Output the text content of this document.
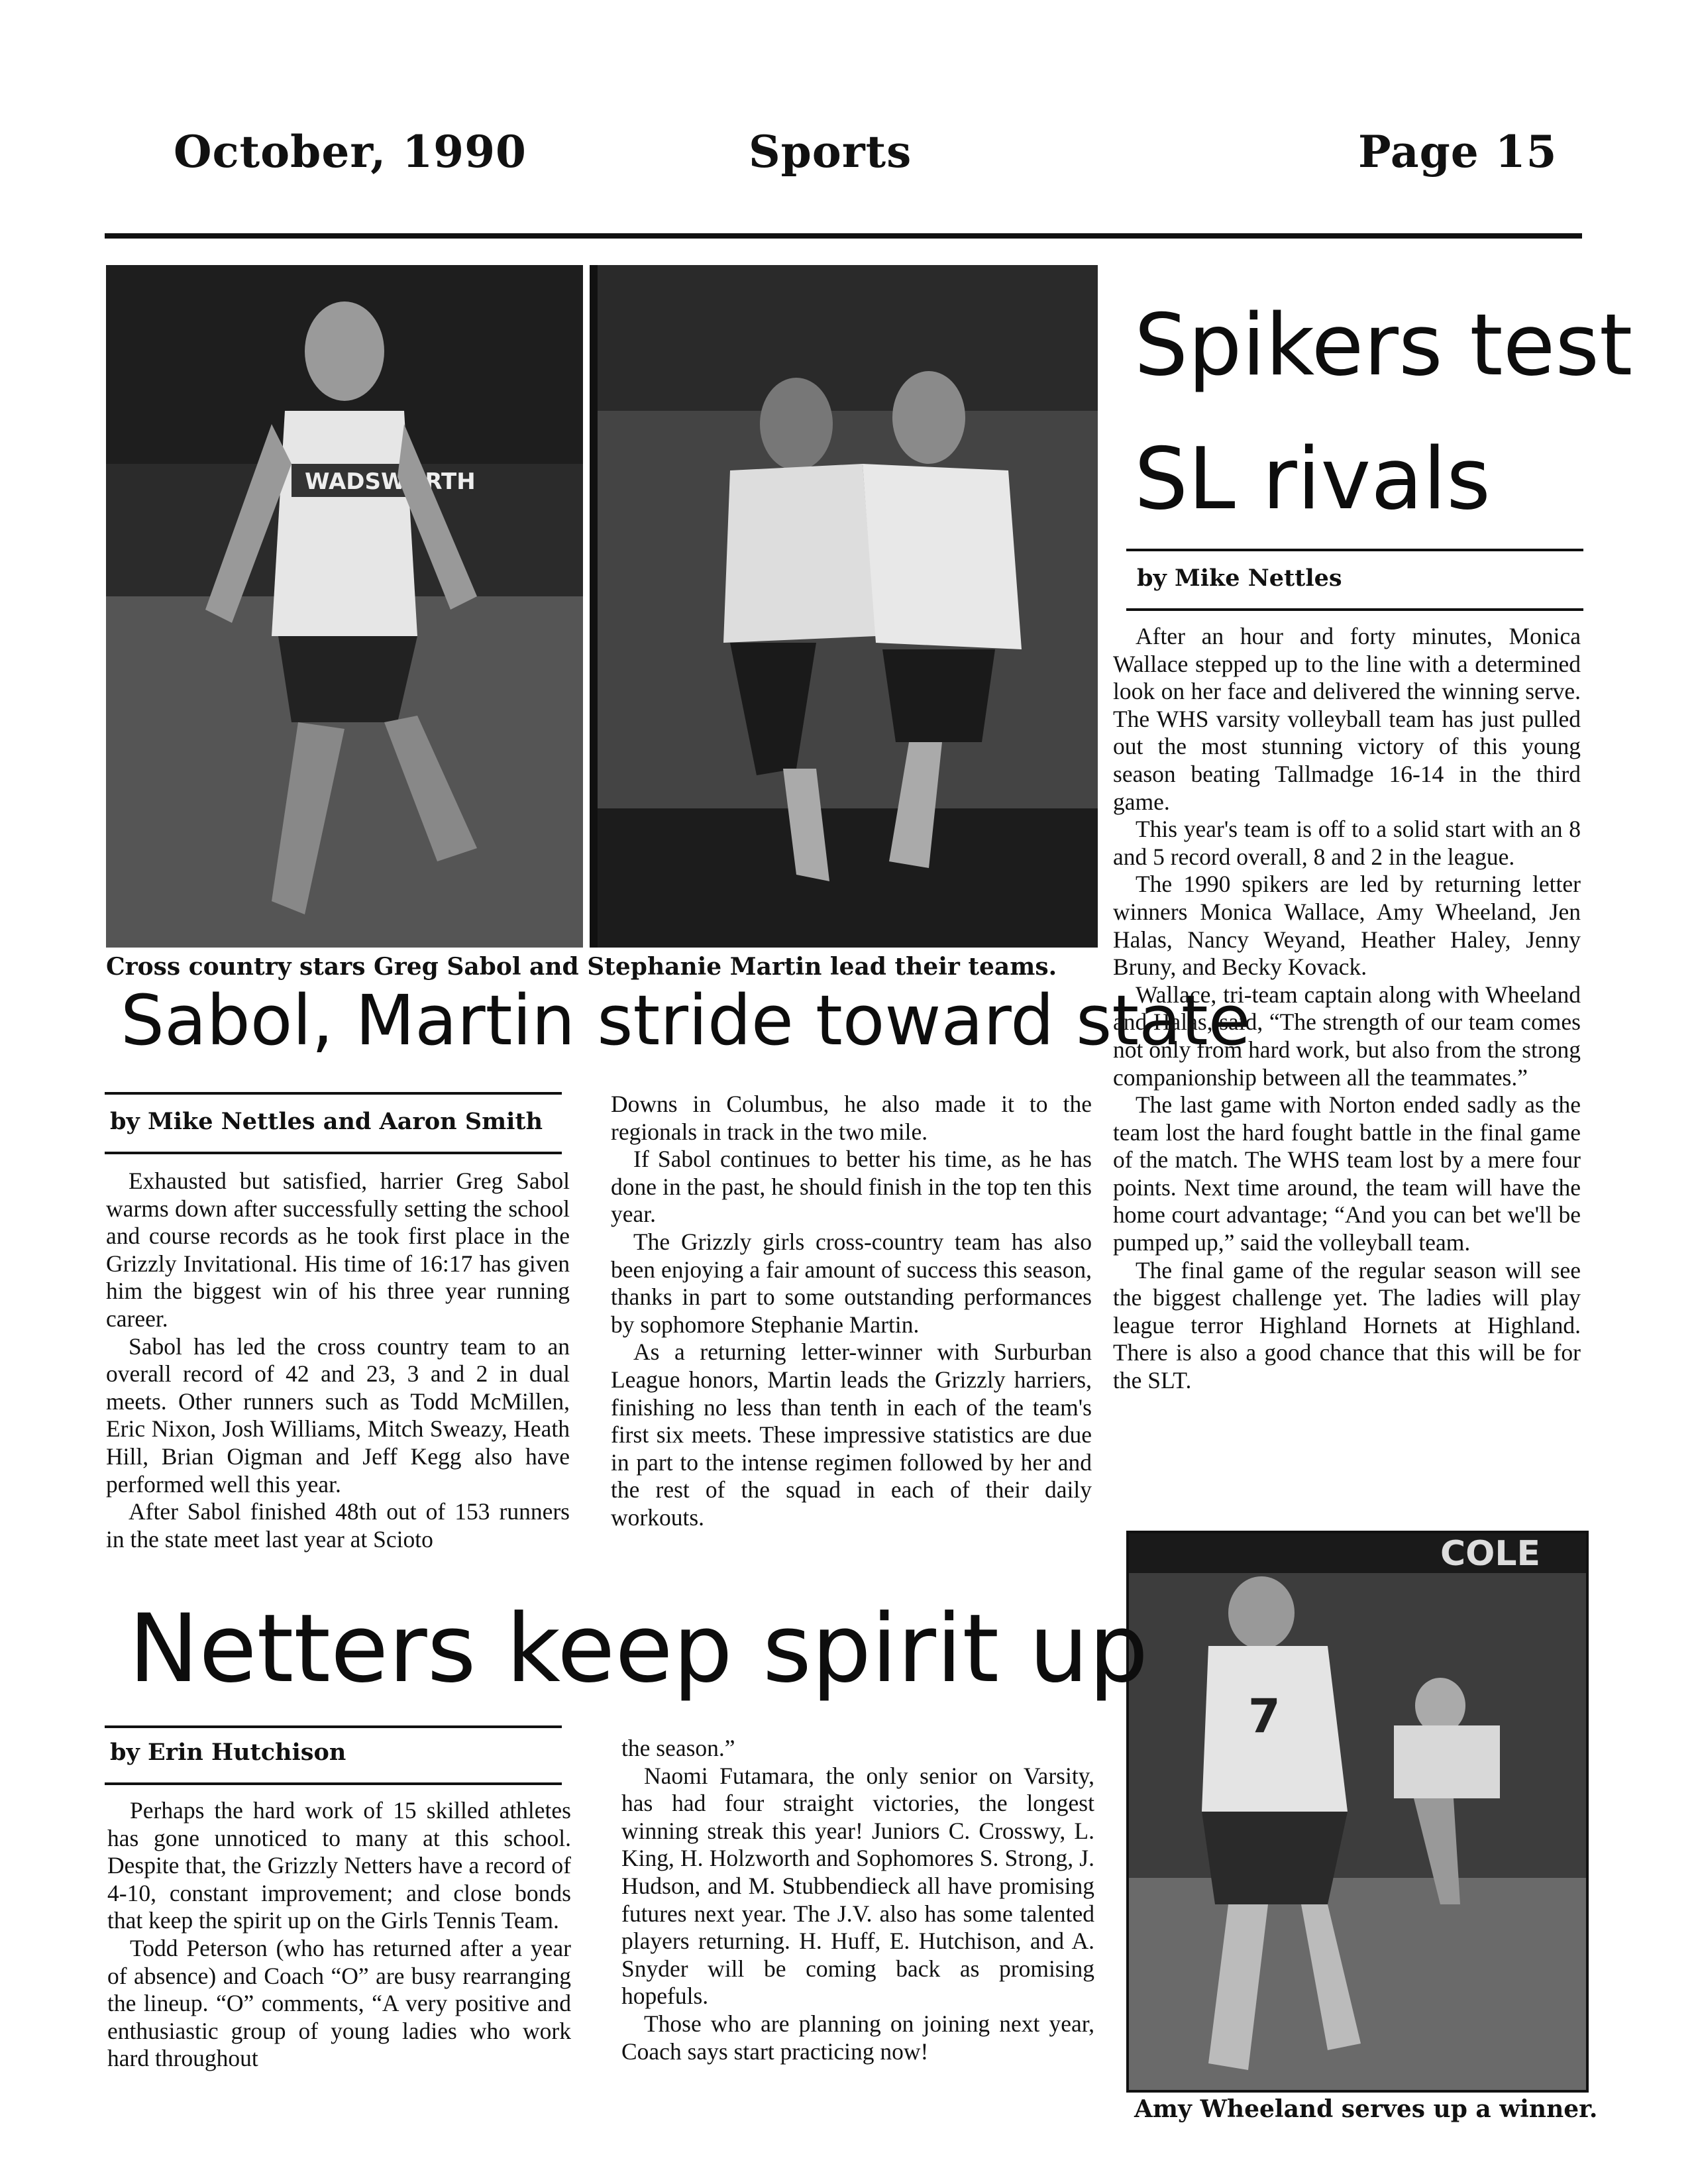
October, 1990	Sports	Page 15
WADSWORTH
Cross country stars Greg Sabol and Stephanie Martin lead their teams.
Sabol, Martin stride toward state
by Mike Nettles and Aaron Smith

Exhausted but satisfied, harrier Greg Sabol warms down after successfully setting the school and course records as he took first place in the Grizzly Invitational. His time of 16:17 has given him the biggest win of his three year running career.

Sabol has led the cross country team to an overall record of 42 and 23, 3 and 2 in dual meets. Other runners such as Todd McMillen, Eric Nixon, Josh Williams, Mitch Sweazy, Heath Hill, Brian Oigman and Jeff Kegg also have performed well this year.

After Sabol finished 48th out of 153 runners in the state meet last year at Scioto

Downs in Columbus, he also made it to the regionals in track in the two mile.

If Sabol continues to better his time, as he has done in the past, he should finish in the top ten this year.

The Grizzly girls cross-country team has also been enjoying a fair amount of success this season, thanks in part to some outstanding performances by sophomore Stephanie Martin.

As a returning letter-winner with Surburban League honors, Martin leads the Grizzly harriers, finishing no less than tenth in each of the team's first six meets. These impressive statistics are due in part to the intense regimen followed by her and the rest of the squad in each of their daily workouts.

Spikers test
SL rivals
by Mike Nettles

After an hour and forty minutes, Monica Wallace stepped up to the line with a determined look on her face and delivered the winning serve. The WHS varsity volleyball team has just pulled out the most stunning victory of this young season beating Tallmadge 16-14 in the third game.

This year's team is off to a solid start with an 8 and 5 record overall, 8 and 2 in the league.

The 1990 spikers are led by returning letter winners Monica Wallace, Amy Wheeland, Jen Halas, Nancy Weyand, Heather Haley, Jenny Bruny, and Becky Kovack.

Wallace, tri-team captain along with Wheeland and Halas, said, “The strength of our team comes not only from hard work, but also from the strong companionship between all the teammates.”

The last game with Norton ended sadly as the team lost the hard fought battle in the final game of the match. The WHS team lost by a mere four points. Next time around, the team will have the home court advantage; “And you can bet we'll be pumped up,” said the volleyball team.

The final game of the regular season will see the biggest challenge yet. The ladies will play league terror Highland Hornets at Highland. There is also a good chance that this will be for the SLT.

COLE
7
Amy Wheeland serves up a winner.
Netters keep spirit up
by Erin Hutchison

Perhaps the hard work of 15 skilled athletes has gone unnoticed to many at this school. Despite that, the Grizzly Netters have a record of 4-10, constant improvement; and close bonds that keep the spirit up on the Girls Tennis Team.

Todd Peterson (who has returned after a year of absence) and Coach “O” are busy rearranging the lineup. “O” comments, “A very positive and enthusiastic group of young ladies who work hard throughout

the season.”

Naomi Futamara, the only senior on Varsity, has had four straight victories, the longest winning streak this year! Juniors C. Crosswy, L. King, H. Holzworth and Sophomores S. Strong, J. Hudson, and M. Stubbendieck all have promising futures next year. The J.V. also has some talented players returning. H. Huff, E. Hutchison, and A. Snyder will be coming back as promising hopefuls.

Those who are planning on joining next year, Coach says start practicing now!
